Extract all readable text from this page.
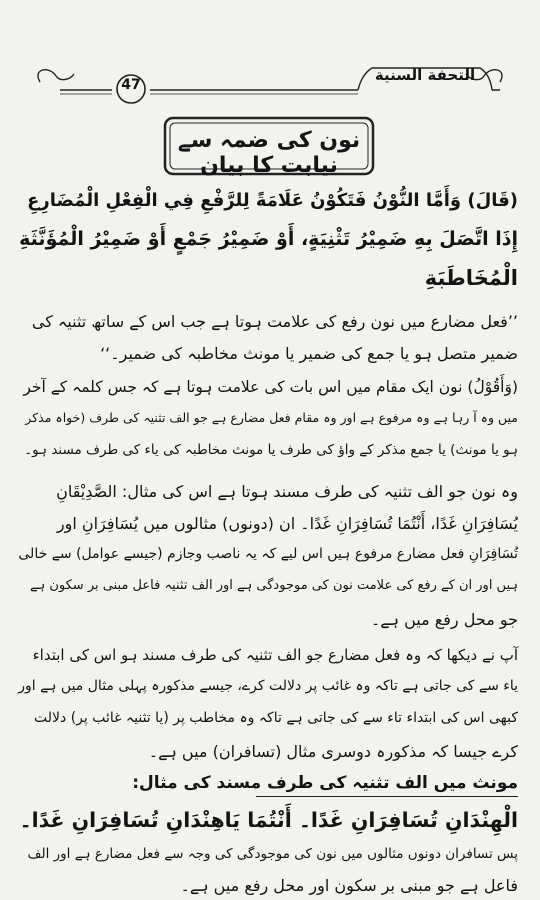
47
التحفة السنية
نون کی ضمہ سے نیابت کا بیان
(قَالَ) وَأَمَّا النُّوْنُ فَتَكُوْنُ عَلَامَةً لِلرَّفْعِ فِي الْفِعْلِ الْمُضَارِعِ
إِذَا اتَّصَلَ بِهِ ضَمِيْرُ تَثْنِيَةٍ، أَوْ ضَمِيْرُ جَمْعٍ أَوْ ضَمِيْرُ الْمُؤَنَّثَةِ
الْمُخَاطَبَةِ
’’فعل مضارع میں نون رفع کی علامت ہوتا ہے جب اس کے ساتھ تثنیہ کی
ضمیر متصل ہو یا جمع کی ضمیر یا مونث مخاطبہ کی ضمیر۔‘‘
(وَأَقُوْلُ) نون ایک مقام میں اس بات کی علامت ہوتا ہے کہ جس کلمہ کے آخر
میں وہ آ رہا ہے وہ مرفوع ہے اور وہ مقام فعل مضارع ہے جو الف تثنیہ کی طرف (خواہ مذکر
ہو یا مونث) یا جمع مذکر کے واؤ کی طرف یا مونث مخاطبہ کی یاء کی طرف مسند ہو۔
وہ نون جو الف تثنیہ کی طرف مسند ہوتا ہے اس کی مثال: الصَّدِيْقَانِ
يُسَافِرَانِ غَدًا، أَنْتُمَا تُسَافِرَانِ غَدًا۔ ان (دونوں) مثالوں میں يُسَافِرَانِ اور
تُسَافِرَانِ فعل مضارع مرفوع ہیں اس لیے کہ یہ ناصب وجازم (جیسے عوامل) سے خالی
ہیں اور ان کے رفع کی علامت نون کی موجودگی ہے اور الف تثنیہ فاعل مبنی بر سکون ہے
جو محل رفع میں ہے۔
آپ نے دیکھا کہ وہ فعل مضارع جو الف تثنیہ کی طرف مسند ہو اس کی ابتداء
یاء سے کی جاتی ہے تاکہ وہ غائب پر دلالت کرے، جیسے مذکورہ پہلی مثال میں ہے اور
کبھی اس کی ابتداء تاء سے کی جاتی ہے تاکہ وہ مخاطب پر (یا تثنیہ غائب پر) دلالت
کرے جیسا کہ مذکورہ دوسری مثال (تسافران) میں ہے۔
مونث میں الف تثنیہ کی طرف مسند کی مثال:
الْهِنْدَانِ تُسَافِرَانِ غَدًا۔ أَنْتُمَا يَاهِنْدَانِ تُسَافِرَانِ غَدًا۔
پس تسافران دونوں مثالوں میں نون کی موجودگی کی وجہ سے فعل مضارع ہے اور الف
فاعل ہے جو مبنی بر سکون اور محل رفع میں ہے۔
